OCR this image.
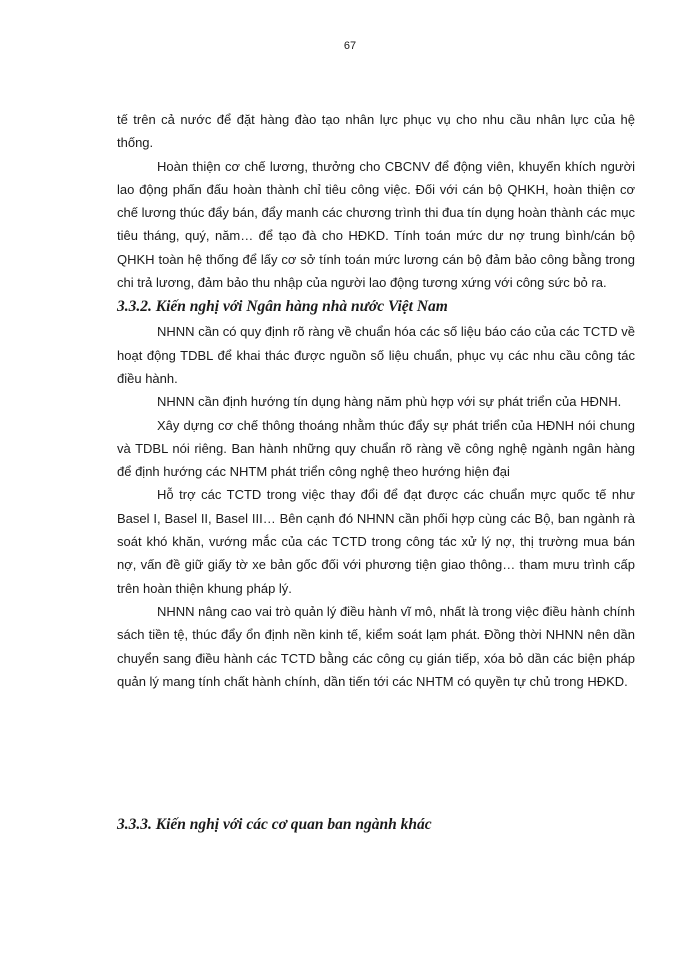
67

tế trên cả nước để đặt hàng đào tạo nhân lực phục vụ cho nhu cầu nhân lực của hệ thống.

Hoàn thiện cơ chế lương, thưởng cho CBCNV để động viên, khuyến khích người lao động phấn đấu hoàn thành chỉ tiêu công việc. Đối với cán bộ QHKH, hoàn thiện cơ chế lương thúc đẩy bán, đẩy manh các chương trình thi đua tín dụng hoàn thành các mục tiêu tháng, quý, năm… để tạo đà cho HĐKD. Tính toán mức dư nợ trung bình/cán bộ QHKH toàn hệ thống để lấy cơ sở tính toán mức lương cán bộ đảm bảo công bằng trong chi trả lương, đảm bảo thu nhập của người lao động tương xứng với công sức bỏ ra.

3.3.2. Kiến nghị với Ngân hàng nhà nước Việt Nam

NHNN cần có quy định rõ ràng về chuẩn hóa các số liệu báo cáo của các TCTD về hoạt động TDBL để khai thác được nguồn số liệu chuẩn, phục vụ các nhu cầu công tác điều hành.

NHNN cần định hướng tín dụng hàng năm phù hợp với sự phát triển của HĐNH.

Xây dựng cơ chế thông thoáng nhằm thúc đẩy sự phát triển của HĐNH nói chung và TDBL nói riêng. Ban hành những quy chuẩn rõ ràng về công nghệ ngành ngân hàng để định hướng các NHTM phát triển công nghệ theo hướng hiện đại

Hỗ trợ các TCTD trong việc thay đổi để đạt được các chuẩn mực quốc tế như Basel I, Basel II, Basel III… Bên cạnh đó NHNN cần phối hợp cùng các Bộ, ban ngành rà soát khó khăn, vướng mắc của các TCTD trong công tác xử lý nợ, thị trường mua bán nợ, vấn đề giữ giấy tờ xe bản gốc đối với phương tiện giao thông… tham mưu trình cấp trên hoàn thiện khung pháp lý.

NHNN nâng cao vai trò quản lý điều hành vĩ mô, nhất là trong việc điều hành chính sách tiền tệ, thúc đẩy ổn định nền kinh tế, kiểm soát lạm phát. Đồng thời NHNN nên dần chuyển sang điều hành các TCTD bằng các công cụ gián tiếp, xóa bỏ dần các biện pháp quản lý mang tính chất hành chính, dần tiến tới các NHTM có quyền tự chủ trong HĐKD.

3.3.3. Kiến nghị với các cơ quan ban ngành khác
